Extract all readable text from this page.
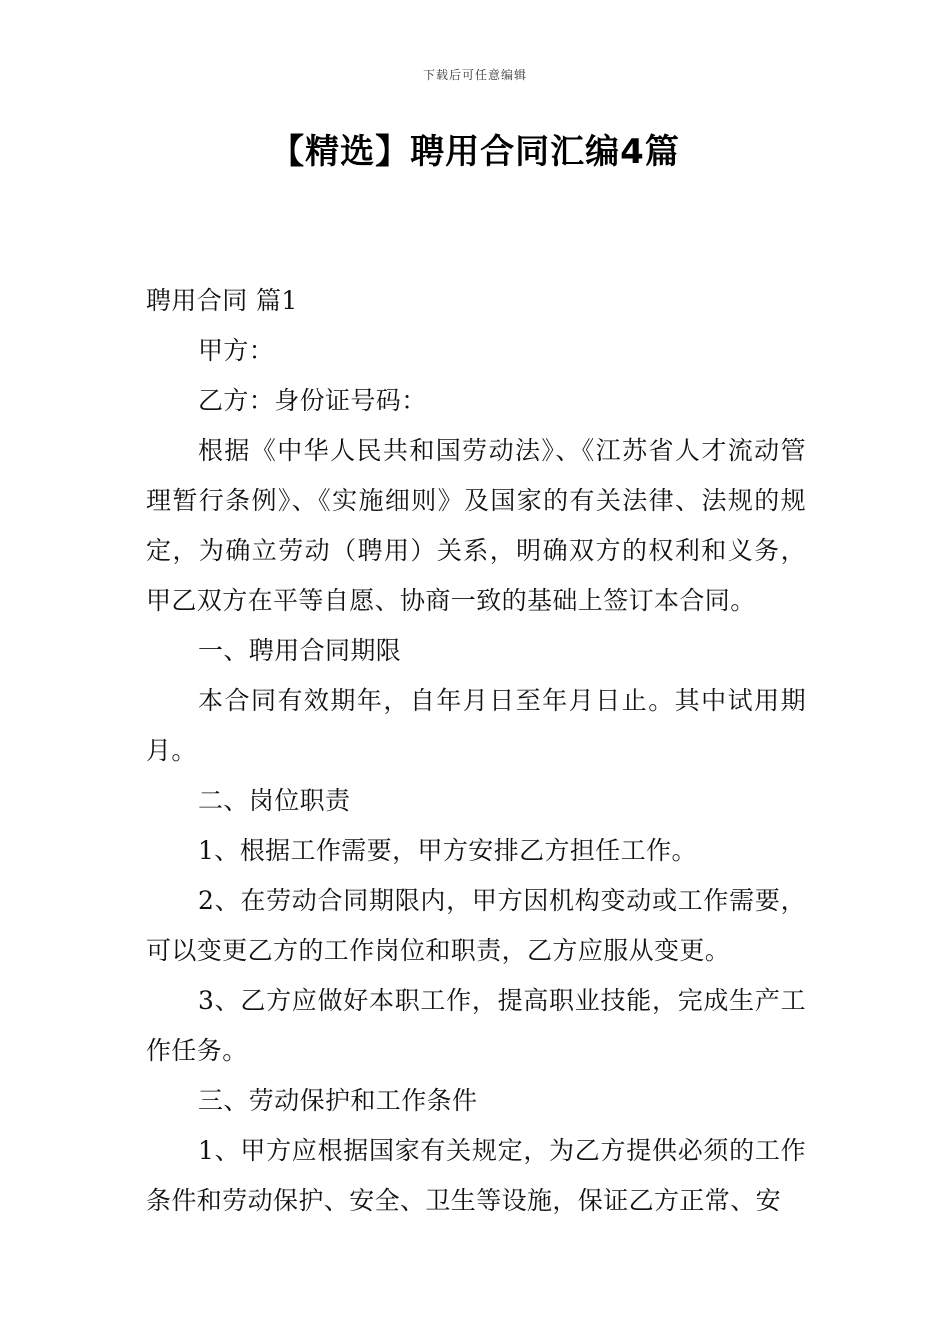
下载后可任意编辑
【精选】聘用合同汇编4篇

聘用合同 篇1

甲方：

乙方：身份证号码：

根据《中华人民共和国劳动法》、《江苏省人才流动管理暂行条例》、《实施细则》及国家的有关法律、法规的规定，为确立劳动（聘用）关系，明确双方的权利和义务，甲乙双方在平等自愿、协商一致的基础上签订本合同。

一、聘用合同期限

本合同有效期年，自年月日至年月日止。其中试用期月。

二、岗位职责

1、根据工作需要，甲方安排乙方担任工作。

2、在劳动合同期限内，甲方因机构变动或工作需要，可以变更乙方的工作岗位和职责，乙方应服从变更。

3、乙方应做好本职工作，提高职业技能，完成生产工作任务。

三、劳动保护和工作条件

1、甲方应根据国家有关规定，为乙方提供必须的工作条件和劳动保护、安全、卫生等设施，保证乙方正常、安
